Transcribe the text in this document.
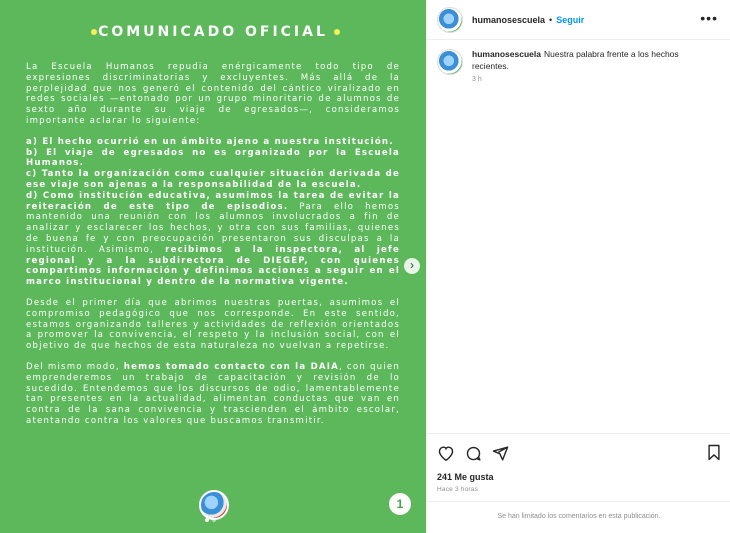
COMUNICADO OFICIAL

La Escuela Humanos repudia enérgicamente todo tipo de expresiones discriminatorias y excluyentes. Más allá de la perplejidad que nos generó el contenido del cántico viralizado en redes sociales —entonado por un grupo minoritario de alumnos de sexto año durante su viaje de egresados—, consideramos importante aclarar lo siguiente:

a) El hecho ocurrió en un ámbito ajeno a nuestra institución.
b) El viaje de egresados no es organizado por la Escuela Humanos.
c) Tanto la organización como cualquier situación derivada de ese viaje son ajenas a la responsabilidad de la escuela.

d) Como institución educativa, asumimos la tarea de evitar la reiteración de este tipo de episodios. Para ello hemos mantenido una reunión con los alumnos involucrados a fin de analizar y esclarecer los hechos, y otra con sus familias, quienes de buena fe y con preocupación presentaron sus disculpas a la institución. Asimismo, recibimos a la inspectora, al jefe regional y a la subdirectora de DIEGEP, con quienes compartimos información y definimos acciones a seguir en el marco institucional y dentro de la normativa vigente.

Desde el primer día que abrimos nuestras puertas, asumimos el compromiso pedagógico que nos corresponde. En este sentido, estamos organizando talleres y actividades de reflexión orientados a promover la convivencia, el respeto y la inclusión social, con el objetivo de que hechos de esta naturaleza no vuelvan a repetirse.

Del mismo modo, hemos tomado contacto con la DAIA, con quien emprenderemos un trabajo de capacitación y revisión de lo sucedido. Entendemos que los discursos de odio, lamentablemente tan presentes en la actualidad, alimentan conductas que van en contra de la sana convivencia y trascienden el ámbito escolar, atentando contra los valores que buscamos transmitir.

›
1
humanosescuela • Seguir	•••
humanosescuela Nuestra palabra frente a los hechos recientes.
3 h
241 Me gusta
Hace 3 horas
Se han limitado los comentarios en esta publicación.
